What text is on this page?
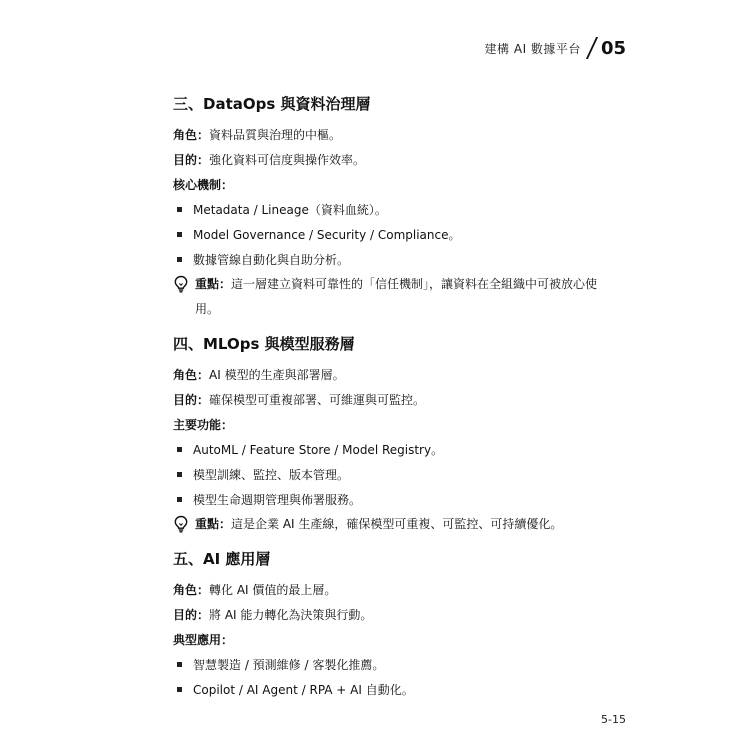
建構 AI 數據平台 05
三、DataOps 與資料治理層
角色：資料品質與治理的中樞。
目的：強化資料可信度與操作效率。
核心機制：
Metadata / Lineage（資料血統）。
Model Governance / Security / Compliance。
數據管線自動化與自助分析。
重點：這一層建立資料可靠性的「信任機制」，讓資料在全組織中可被放心使用。
四、MLOps 與模型服務層
角色：AI 模型的生產與部署層。
目的：確保模型可重複部署、可維運與可監控。
主要功能：
AutoML / Feature Store / Model Registry。
模型訓練、監控、版本管理。
模型生命週期管理與佈署服務。
重點：這是企業 AI 生產線，確保模型可重複、可監控、可持續優化。
五、AI 應用層
角色：轉化 AI 價值的最上層。
目的：將 AI 能力轉化為決策與行動。
典型應用：
智慧製造 / 預測維修 / 客製化推薦。
Copilot / AI Agent / RPA + AI 自動化。
5-15
